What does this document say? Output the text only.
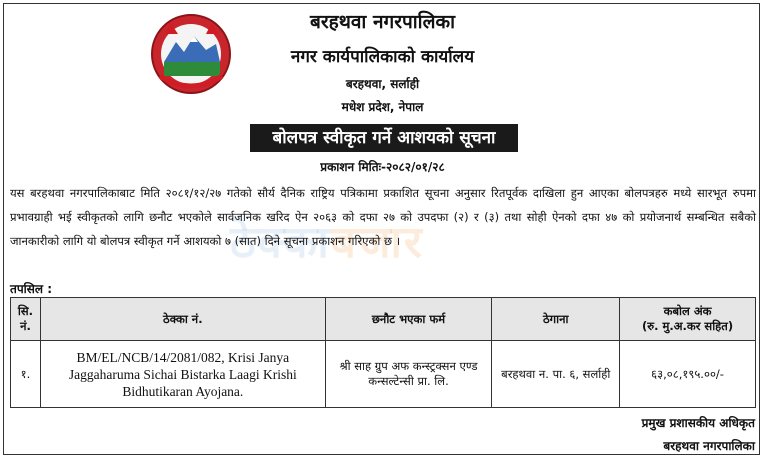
बरहथवा नगरपालिका
नगर कार्यपालिकाको कार्यालय
बरहथवा, सर्लाही
मधेश प्रदेश, नेपाल
बोलपत्र स्वीकृत गर्ने आशयको सूचना
प्रकाशन मितिः-२०८२/०१/२८
ठेक्काबजार
यस बरहथवा नगरपालिकाबाट मिति २०८१/१२/२७ गतेको सौर्य दैनिक राष्ट्रिय पत्रिकामा प्रकाशित सूचना अनुसार रितपूर्वक दाखिला हुन आएका बोलपत्रहरु मध्ये सारभूत रुपमा प्रभावग्राही भई स्वीकृतको लागि छनौट भएकोले सार्वजनिक खरिद ऐन २०६३ को दफा २७ को उपदफा (२) र (३) तथा सोही ऐनको दफा ४७ को प्रयोजनार्थ सम्बन्धित सबैको जानकारीको लागि यो बोलपत्र स्वीकृत गर्ने आशयको ७ (सात) दिने सूचना प्रकाशन गरिएको छ ।
तपसिल :
सि. नं.	ठेक्का नं.	छनौट भएका फर्म	ठेगाना	कबोल अंक
(रु. मु.अ.कर सहित)

१.	BM/EL/NCB/14/2081/082, Krisi Janya Jaggaharuma Sichai Bistarka Laagi Krishi Bidhutikaran Ayojana.	श्री साह ग्रुप अफ कन्स्ट्रक्सन एण्ड कन्सल्टेन्सी प्रा. लि.	बरहथवा न. पा. ६, सर्लाही	६३,०८,१९५.००/-
प्रमुख प्रशासकीय अधिकृत
बरहथवा नगरपालिका
